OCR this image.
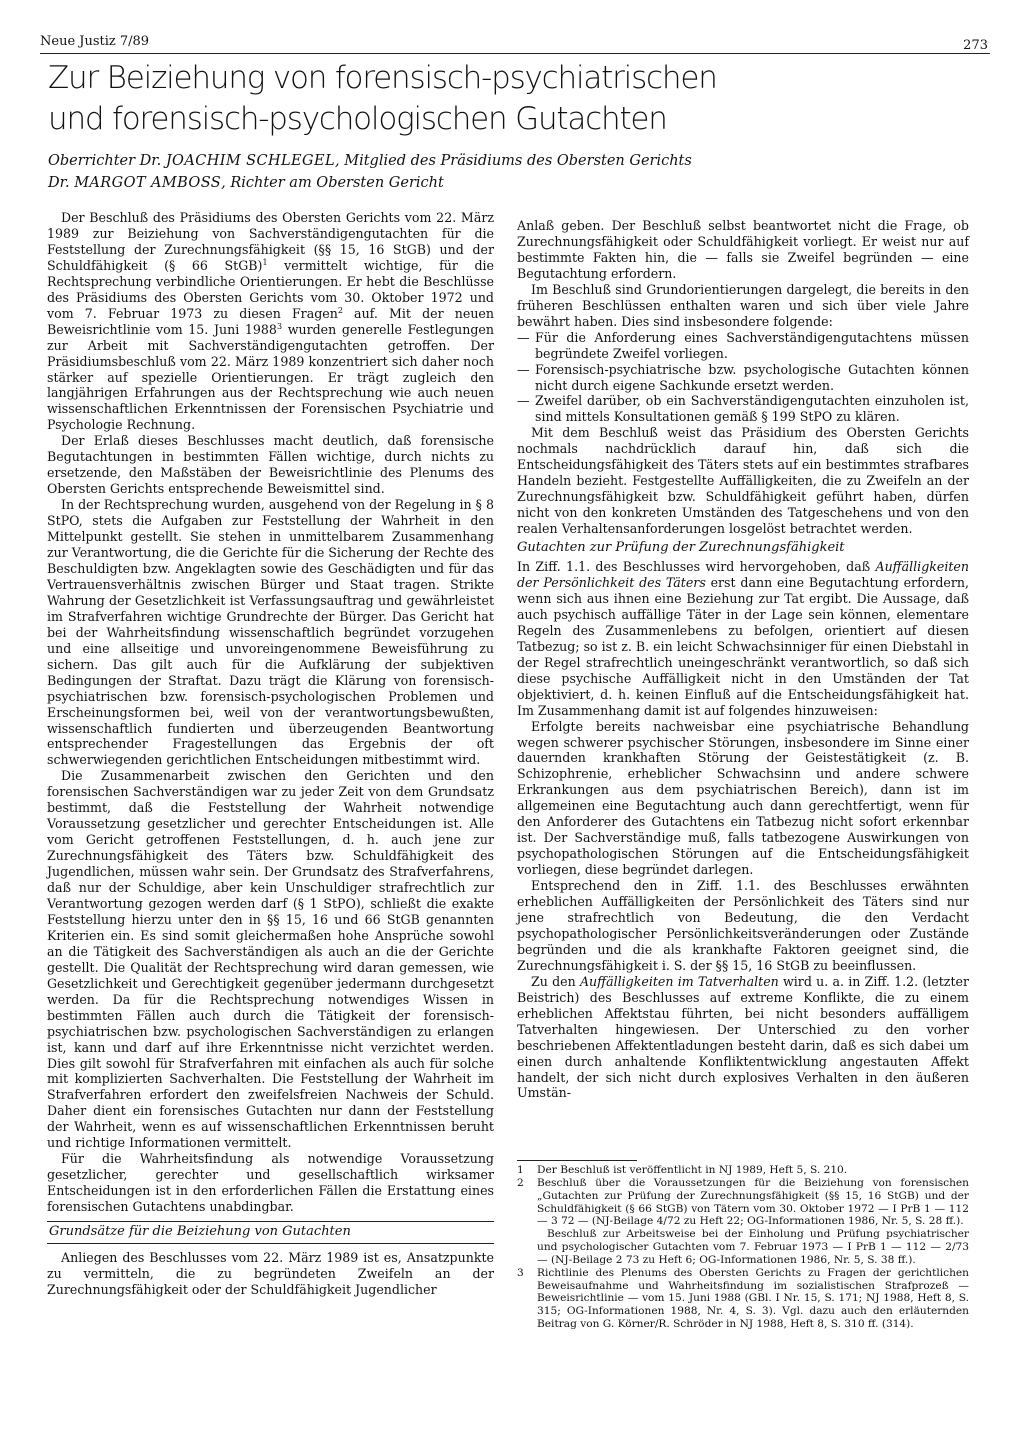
Neue Justiz 7/89	273
Zur Beiziehung von forensisch-psychiatrischen
und forensisch-psychologischen Gutachten
Oberrichter Dr. JOACHIM SCHLEGEL, Mitglied des Präsidiums des Obersten Gerichts
Dr. MARGOT AMBOSS, Richter am Obersten Gericht

Der Beschluß des Präsidiums des Obersten Gerichts vom 22. März 1989 zur Beiziehung von Sachverständigengutachten für die Feststellung der Zurechnungsfähigkeit (§§ 15, 16 StGB) und der Schuldfähigkeit (§ 66 StGB)$^1$ vermittelt wichtige, für die Rechtsprechung verbindliche Orientierungen. Er hebt die Beschlüsse des Präsidiums des Obersten Gerichts vom 30. Oktober 1972 und vom 7. Februar 1973 zu diesen Fragen$^2$ auf. Mit der neuen Beweisrichtlinie vom 15. Juni 1988$^3$ wurden generelle Festlegungen zur Arbeit mit Sachverständigengutachten getroffen. Der Präsidiumsbeschluß vom 22. März 1989 konzentriert sich daher noch stärker auf spezielle Orientierungen. Er trägt zugleich den langjährigen Erfahrungen aus der Rechtsprechung wie auch neuen wissenschaftlichen Erkenntnissen der Forensischen Psychiatrie und Psychologie Rechnung.

Der Erlaß dieses Beschlusses macht deutlich, daß forensische Begutachtungen in bestimmten Fällen wichtige, durch nichts zu ersetzende, den Maßstäben der Beweisrichtlinie des Plenums des Obersten Gerichts entsprechende Beweismittel sind.

In der Rechtsprechung wurden, ausgehend von der Regelung in § 8 StPO, stets die Aufgaben zur Feststellung der Wahrheit in den Mittelpunkt gestellt. Sie stehen in unmittelbarem Zusammenhang zur Verantwortung, die die Gerichte für die Sicherung der Rechte des Beschuldigten bzw. Angeklagten sowie des Geschädigten und für das Vertrauensverhältnis zwischen Bürger und Staat tragen. Strikte Wahrung der Gesetzlichkeit ist Verfassungsauftrag und gewährleistet im Strafverfahren wichtige Grundrechte der Bürger. Das Gericht hat bei der Wahrheitsfindung wissenschaftlich begründet vorzugehen und eine allseitige und unvoreingenommene Beweisführung zu sichern. Das gilt auch für die Aufklärung der subjektiven Bedingungen der Straftat. Dazu trägt die Klärung von forensisch-psychiatrischen bzw. forensisch-psychologischen Problemen und Erscheinungsformen bei, weil von der verantwortungsbewußten, wissenschaftlich fundierten und überzeugenden Beantwortung entsprechender Fragestellungen das Ergebnis der oft schwerwiegenden gerichtlichen Entscheidungen mitbestimmt wird.

Die Zusammenarbeit zwischen den Gerichten und den forensischen Sachverständigen war zu jeder Zeit von dem Grundsatz bestimmt, daß die Feststellung der Wahrheit notwendige Voraussetzung gesetzlicher und gerechter Entscheidungen ist. Alle vom Gericht getroffenen Feststellungen, d. h. auch jene zur Zurechnungsfähigkeit des Täters bzw. Schuldfähigkeit des Jugendlichen, müssen wahr sein. Der Grundsatz des Strafverfahrens, daß nur der Schuldige, aber kein Unschuldiger strafrechtlich zur Verantwortung gezogen werden darf (§ 1 StPO), schließt die exakte Feststellung hierzu unter den in §§ 15, 16 und 66 StGB genannten Kriterien ein. Es sind somit gleichermaßen hohe Ansprüche sowohl an die Tätigkeit des Sachverständigen als auch an die der Gerichte gestellt. Die Qualität der Rechtsprechung wird daran gemessen, wie Gesetzlichkeit und Gerechtigkeit gegenüber jedermann durchgesetzt werden. Da für die Rechtsprechung notwendiges Wissen in bestimmten Fällen auch durch die Tätigkeit der forensisch-psychiatrischen bzw. psychologischen Sachverständigen zu erlangen ist, kann und darf auf ihre Erkenntnisse nicht verzichtet werden. Dies gilt sowohl für Strafverfahren mit einfachen als auch für solche mit komplizierten Sachverhalten. Die Feststellung der Wahrheit im Strafverfahren erfordert den zweifelsfreien Nachweis der Schuld. Daher dient ein forensisches Gutachten nur dann der Feststellung der Wahrheit, wenn es auf wissenschaftlichen Erkenntnissen beruht und richtige Informationen vermittelt.

Für die Wahrheitsfindung als notwendige Voraussetzung gesetzlicher, gerechter und gesellschaftlich wirksamer Entscheidungen ist in den erforderlichen Fällen die Erstattung eines forensischen Gutachtens unabdingbar.

Grundsätze für die Beiziehung von Gutachten

Anliegen des Beschlusses vom 22. März 1989 ist es, Ansatzpunkte zu vermitteln, die zu begründeten Zweifeln an der Zurechnungsfähigkeit oder der Schuldfähigkeit Jugendlicher

Anlaß geben. Der Beschluß selbst beantwortet nicht die Frage, ob Zurechnungsfähigkeit oder Schuldfähigkeit vorliegt. Er weist nur auf bestimmte Fakten hin, die — falls sie Zweifel begründen — eine Begutachtung erfordern.

Im Beschluß sind Grundorientierungen dargelegt, die bereits in den früheren Beschlüssen enthalten waren und sich über viele Jahre bewährt haben. Dies sind insbesondere folgende:

— Für die Anforderung eines Sachverständigengutachtens müssen begründete Zweifel vorliegen.
— Forensisch-psychiatrische bzw. psychologische Gutachten können nicht durch eigene Sachkunde ersetzt werden.
— Zweifel darüber, ob ein Sachverständigengutachten einzuholen ist, sind mittels Konsultationen gemäß § 199 StPO zu klären.

Mit dem Beschluß weist das Präsidium des Obersten Gerichts nochmals nachdrücklich darauf hin, daß sich die Entscheidungsfähigkeit des Täters stets auf ein bestimmtes strafbares Handeln bezieht. Festgestellte Auffälligkeiten, die zu Zweifeln an der Zurechnungsfähigkeit bzw. Schuldfähigkeit geführt haben, dürfen nicht von den konkreten Umständen des Tatgeschehens und von den realen Verhaltensanforderungen losgelöst betrachtet werden.

Gutachten zur Prüfung der Zurechnungsfähigkeit

In Ziff. 1.1. des Beschlusses wird hervorgehoben, daß Auffälligkeiten der Persönlichkeit des Täters erst dann eine Begutachtung erfordern, wenn sich aus ihnen eine Beziehung zur Tat ergibt. Die Aussage, daß auch psychisch auffällige Täter in der Lage sein können, elementare Regeln des Zusammenlebens zu befolgen, orientiert auf diesen Tatbezug; so ist z. B. ein leicht Schwachsinniger für einen Diebstahl in der Regel strafrechtlich uneingeschränkt verantwortlich, so daß sich diese psychische Auffälligkeit nicht in den Umständen der Tat objektiviert, d. h. keinen Einfluß auf die Entscheidungsfähigkeit hat. Im Zusammenhang damit ist auf folgendes hinzuweisen:

Erfolgte bereits nachweisbar eine psychiatrische Behandlung wegen schwerer psychischer Störungen, insbesondere im Sinne einer dauernden krankhaften Störung der Geistestätigkeit (z. B. Schizophrenie, erheblicher Schwachsinn und andere schwere Erkrankungen aus dem psychiatrischen Bereich), dann ist im allgemeinen eine Begutachtung auch dann gerechtfertigt, wenn für den Anforderer des Gutachtens ein Tatbezug nicht sofort erkennbar ist. Der Sachverständige muß, falls tatbezogene Auswirkungen von psychopathologischen Störungen auf die Entscheidungsfähigkeit vorliegen, diese begründet darlegen.

Entsprechend den in Ziff. 1.1. des Beschlusses erwähnten erheblichen Auffälligkeiten der Persönlichkeit des Täters sind nur jene strafrechtlich von Bedeutung, die den Verdacht psychopathologischer Persönlichkeitsveränderungen oder Zustände begründen und die als krankhafte Faktoren geeignet sind, die Zurechnungsfähigkeit i. S. der §§ 15, 16 StGB zu beeinflussen.

Zu den Auffälligkeiten im Tatverhalten wird u. a. in Ziff. 1.2. (letzter Beistrich) des Beschlusses auf extreme Konflikte, die zu einem erheblichen Affektstau führten, bei nicht besonders auffälligem Tatverhalten hingewiesen. Der Unterschied zu den vorher beschriebenen Affektentladungen besteht darin, daß es sich dabei um einen durch anhaltende Konfliktentwicklung angestauten Affekt handelt, der sich nicht durch explosives Verhalten in den äußeren Umstän-

1	Der Beschluß ist veröffentlicht in NJ 1989, Heft 5, S. 210.
2	Beschluß über die Voraussetzungen für die Beiziehung von forensischen „Gutachten zur Prüfung der Zurechnungsfähigkeit (§§ 15, 16 StGB) und der Schuldfähigkeit (§ 66 StGB) von Tätern vom 30. Oktober 1972 — I PrB 1 — 112 — 3 72 — (NJ-Beilage 4/72 zu Heft 22; OG-Informationen 1986, Nr. 5, S. 28 ff.).
Beschluß zur Arbeitsweise bei der Einholung und Prüfung psychiatrischer und psychologischer Gutachten vom 7. Februar 1973 — I PrB 1 — 112 — 2/73 — (NJ-Beilage 2 73 zu Heft 6; OG-Informationen 1986, Nr. 5, S. 38 ff.).
3	Richtlinie des Plenums des Obersten Gerichts zu Fragen der gerichtlichen Beweisaufnahme und Wahrheitsfindung im sozialistischen Strafprozeß — Beweisrichtlinie — vom 15. Juni 1988 (GBl. I Nr. 15, S. 171; NJ 1988, Heft 8, S. 315; OG-Informationen 1988, Nr. 4, S. 3). Vgl. dazu auch den erläuternden Beitrag von G. Körner/R. Schröder in NJ 1988, Heft 8, S. 310 ff. (314).
